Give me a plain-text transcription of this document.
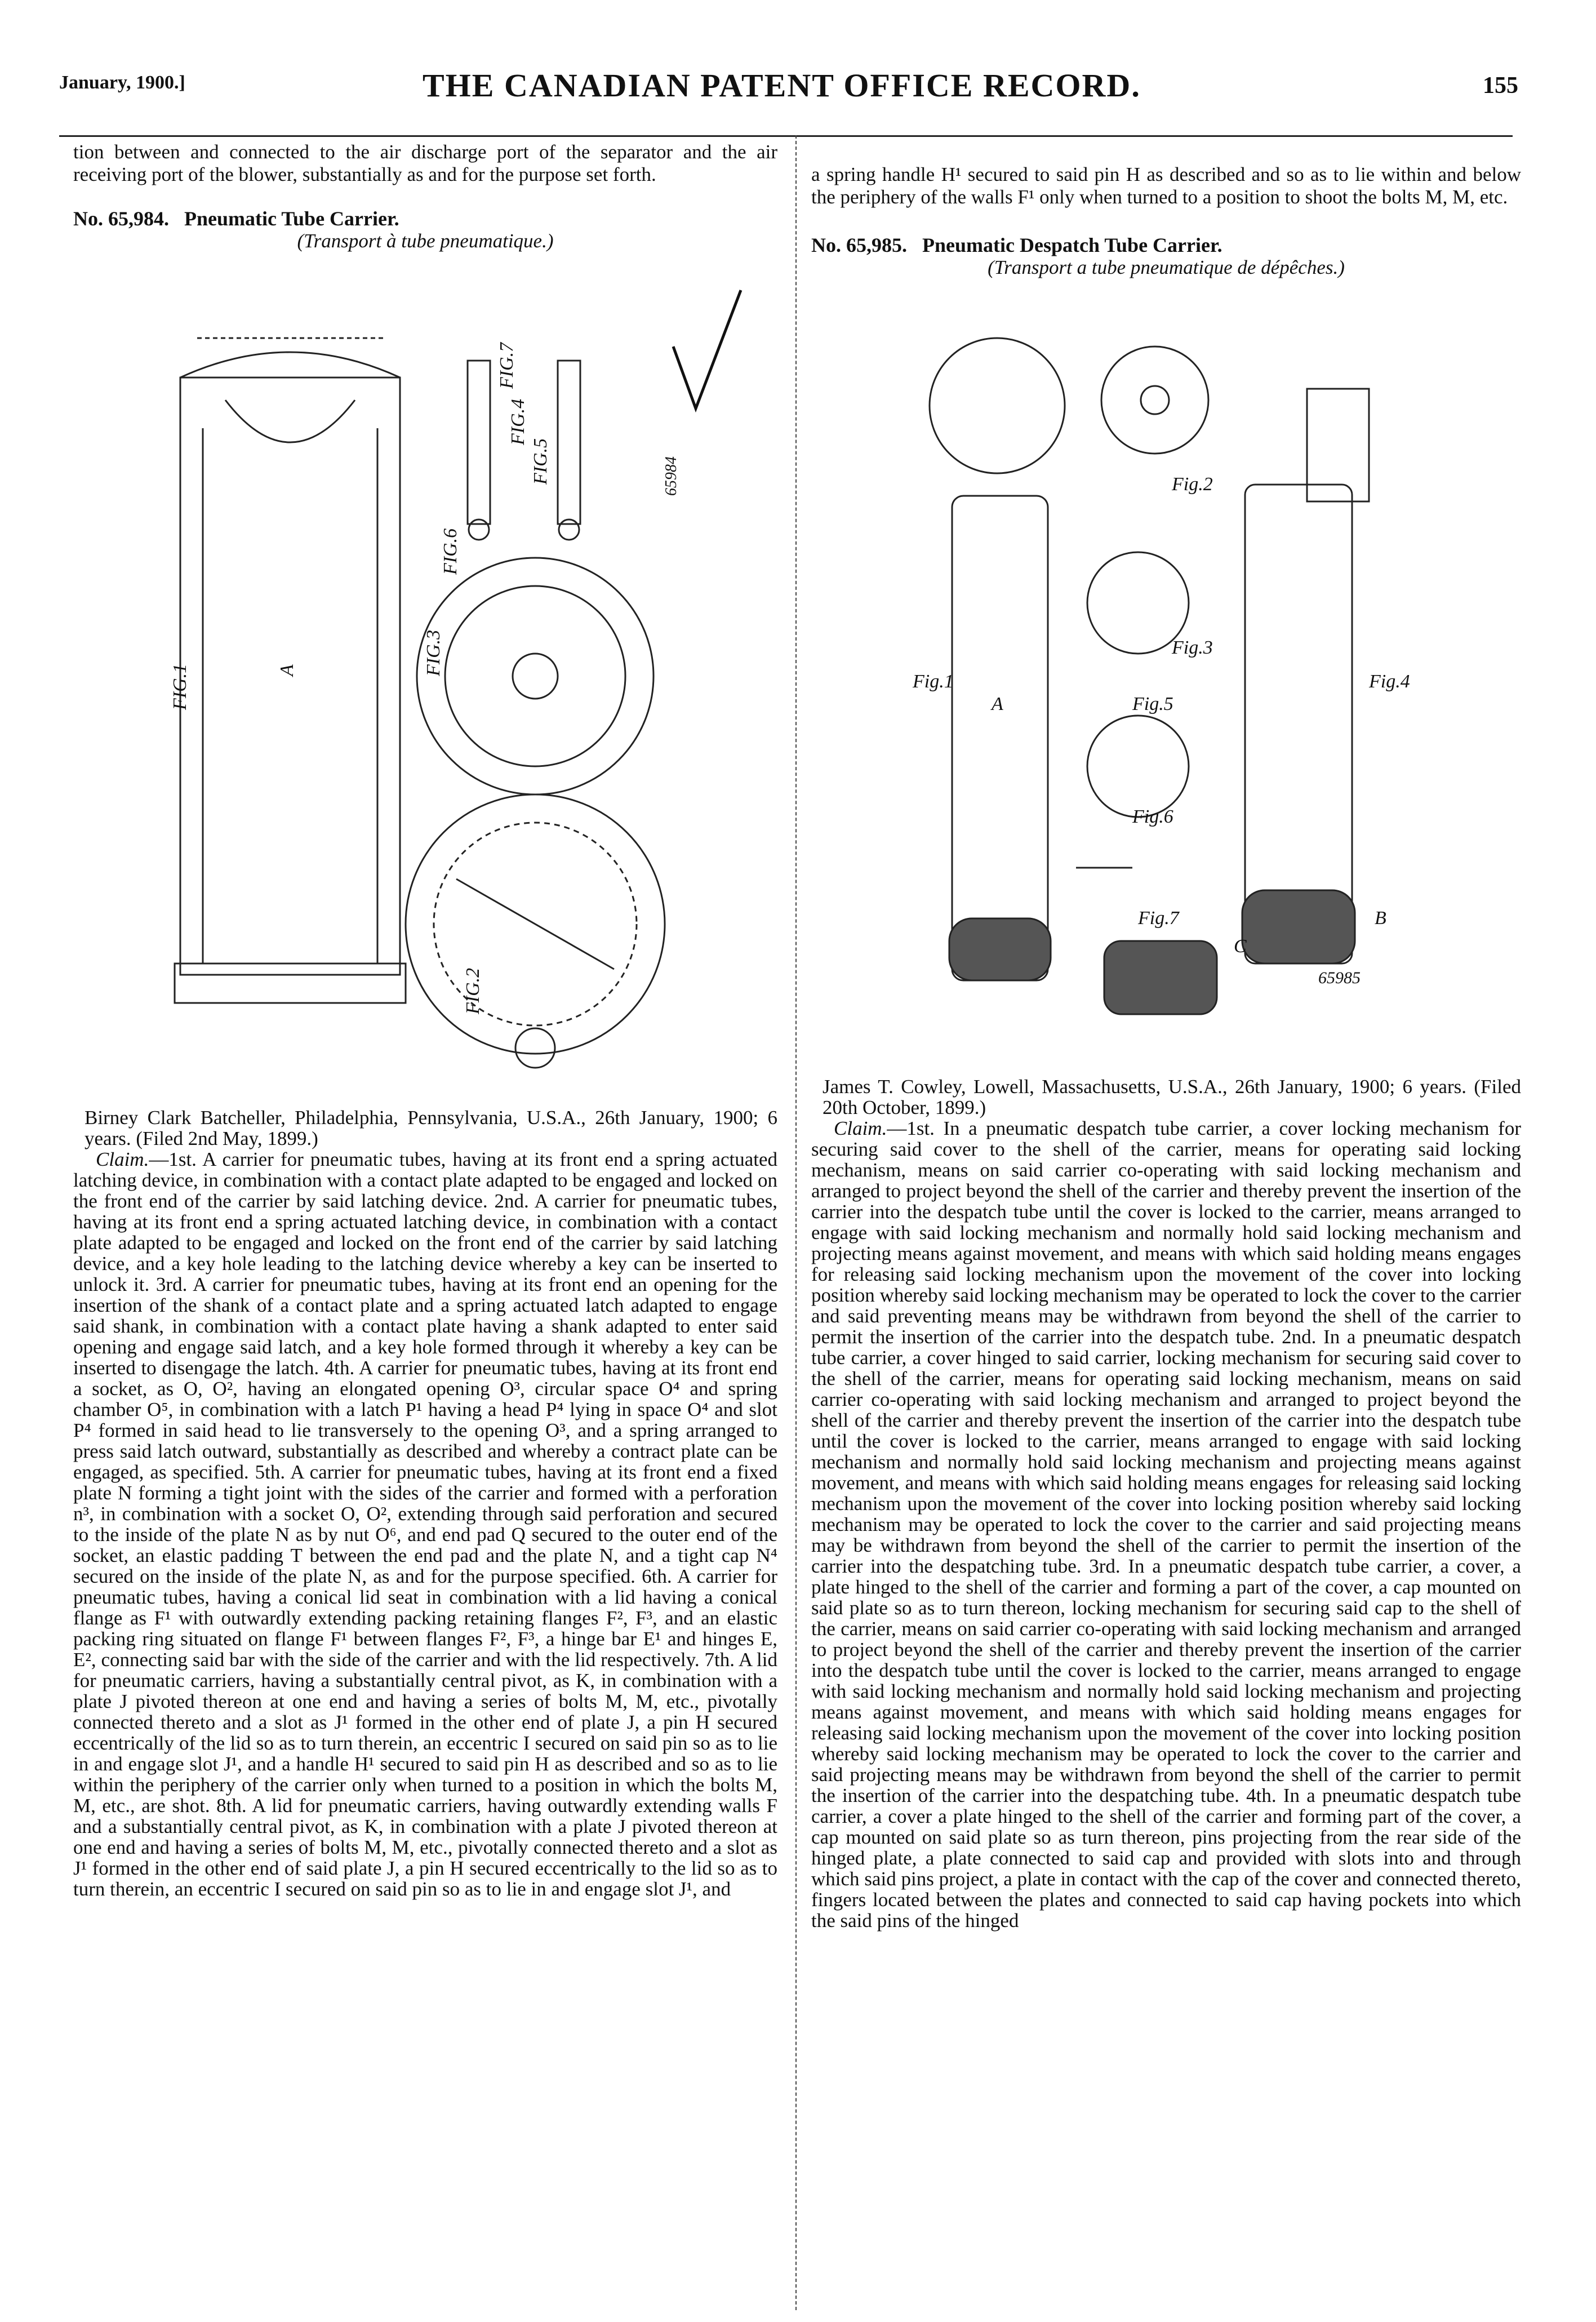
January, 1900.]	THE CANADIAN PATENT OFFICE RECORD.	155

tion between and connected to the air discharge port of the separator and the air receiving port of the blower, substantially as and for the purpose set forth.

No. 65,984. Pneumatic Tube Carrier.

(Transport à tube pneumatique.)

FIG.1
FIG.2
FIG.3
FIG.4
FIG.5
FIG.6
FIG.7
A
65984

Birney Clark Batcheller, Philadelphia, Pennsylvania, U.S.A., 26th January, 1900; 6 years. (Filed 2nd May, 1899.)

Claim.—1st. A carrier for pneumatic tubes, having at its front end a spring actuated latching device, in combination with a contact plate adapted to be engaged and locked on the front end of the carrier by said latching device. 2nd. A carrier for pneumatic tubes, having at its front end a spring actuated latching device, in combination with a contact plate adapted to be engaged and locked on the front end of the carrier by said latching device, and a key hole leading to the latching device whereby a key can be inserted to unlock it. 3rd. A carrier for pneumatic tubes, having at its front end an opening for the insertion of the shank of a contact plate and a spring actuated latch adapted to engage said shank, in combination with a contact plate having a shank adapted to enter said opening and engage said latch, and a key hole formed through it whereby a key can be inserted to disengage the latch. 4th. A carrier for pneumatic tubes, having at its front end a socket, as O, O², having an elongated opening O³, circular space O⁴ and spring chamber O⁵, in combination with a latch P¹ having a head P⁴ lying in space O⁴ and slot P⁴ formed in said head to lie transversely to the opening O³, and a spring arranged to press said latch outward, substantially as described and whereby a contract plate can be engaged, as specified. 5th. A carrier for pneumatic tubes, having at its front end a fixed plate N forming a tight joint with the sides of the carrier and formed with a perforation n³, in combination with a socket O, O², extending through said perforation and secured to the inside of the plate N as by nut O⁶, and end pad Q secured to the outer end of the socket, an elastic padding T between the end pad and the plate N, and a tight cap N⁴ secured on the inside of the plate N, as and for the purpose specified. 6th. A carrier for pneumatic tubes, having a conical lid seat in combination with a lid having a conical flange as F¹ with outwardly extending packing retaining flanges F², F³, and an elastic packing ring situated on flange F¹ between flanges F², F³, a hinge bar E¹ and hinges E, E², connecting said bar with the side of the carrier and with the lid respectively. 7th. A lid for pneumatic carriers, having a substantially central pivot, as K, in combination with a plate J pivoted thereon at one end and having a series of bolts M, M, etc., pivotally connected thereto and a slot as J¹ formed in the other end of plate J, a pin H secured eccentrically of the lid so as to turn therein, an eccentric I secured on said pin so as to lie in and engage slot J¹, and a handle H¹ secured to said pin H as described and so as to lie within the periphery of the carrier only when turned to a position in which the bolts M, M, etc., are shot. 8th. A lid for pneumatic carriers, having outwardly extending walls F and a substantially central pivot, as K, in combination with a plate J pivoted thereon at one end and having a series of bolts M, M, etc., pivotally connected thereto and a slot as J¹ formed in the other end of said plate J, a pin H secured eccentrically to the lid so as to turn therein, an eccentric I secured on said pin so as to lie in and engage slot J¹, and

a spring handle H¹ secured to said pin H as described and so as to lie within and below the periphery of the walls F¹ only when turned to a position to shoot the bolts M, M, etc.

No. 65,985. Pneumatic Despatch Tube Carrier.

(Transport a tube pneumatique de dépêches.)

Fig.1
Fig.2
Fig.3
Fig.4
Fig.5
Fig.6
Fig.7
A
B
C
65985

James T. Cowley, Lowell, Massachusetts, U.S.A., 26th January, 1900; 6 years. (Filed 20th October, 1899.)

Claim.—1st. In a pneumatic despatch tube carrier, a cover locking mechanism for securing said cover to the shell of the carrier, means for operating said locking mechanism, means on said carrier co-operating with said locking mechanism and arranged to project beyond the shell of the carrier and thereby prevent the insertion of the carrier into the despatch tube until the cover is locked to the carrier, means arranged to engage with said locking mechanism and normally hold said locking mechanism and projecting means against movement, and means with which said holding means engages for releasing said locking mechanism upon the movement of the cover into locking position whereby said locking mechanism may be operated to lock the cover to the carrier and said preventing means may be withdrawn from beyond the shell of the carrier to permit the insertion of the carrier into the despatch tube. 2nd. In a pneumatic despatch tube carrier, a cover hinged to said carrier, locking mechanism for securing said cover to the shell of the carrier, means for operating said locking mechanism, means on said carrier co-operating with said locking mechanism and arranged to project beyond the shell of the carrier and thereby prevent the insertion of the carrier into the despatch tube until the cover is locked to the carrier, means arranged to engage with said locking mechanism and normally hold said locking mechanism and projecting means against movement, and means with which said holding means engages for releasing said locking mechanism upon the movement of the cover into locking position whereby said locking mechanism may be operated to lock the cover to the carrier and said projecting means may be withdrawn from beyond the shell of the carrier to permit the insertion of the carrier into the despatching tube. 3rd. In a pneumatic despatch tube carrier, a cover, a plate hinged to the shell of the carrier and forming a part of the cover, a cap mounted on said plate so as to turn thereon, locking mechanism for securing said cap to the shell of the carrier, means on said carrier co-operating with said locking mechanism and arranged to project beyond the shell of the carrier and thereby prevent the insertion of the carrier into the despatch tube until the cover is locked to the carrier, means arranged to engage with said locking mechanism and normally hold said locking mechanism and projecting means against movement, and means with which said holding means engages for releasing said locking mechanism upon the movement of the cover into locking position whereby said locking mechanism may be operated to lock the cover to the carrier and said projecting means may be withdrawn from beyond the shell of the carrier to permit the insertion of the carrier into the despatching tube. 4th. In a pneumatic despatch tube carrier, a cover a plate hinged to the shell of the carrier and forming part of the cover, a cap mounted on said plate so as turn thereon, pins projecting from the rear side of the hinged plate, a plate connected to said cap and provided with slots into and through which said pins project, a plate in contact with the cap of the cover and connected thereto, fingers located between the plates and connected to said cap having pockets into which the said pins of the hinged
